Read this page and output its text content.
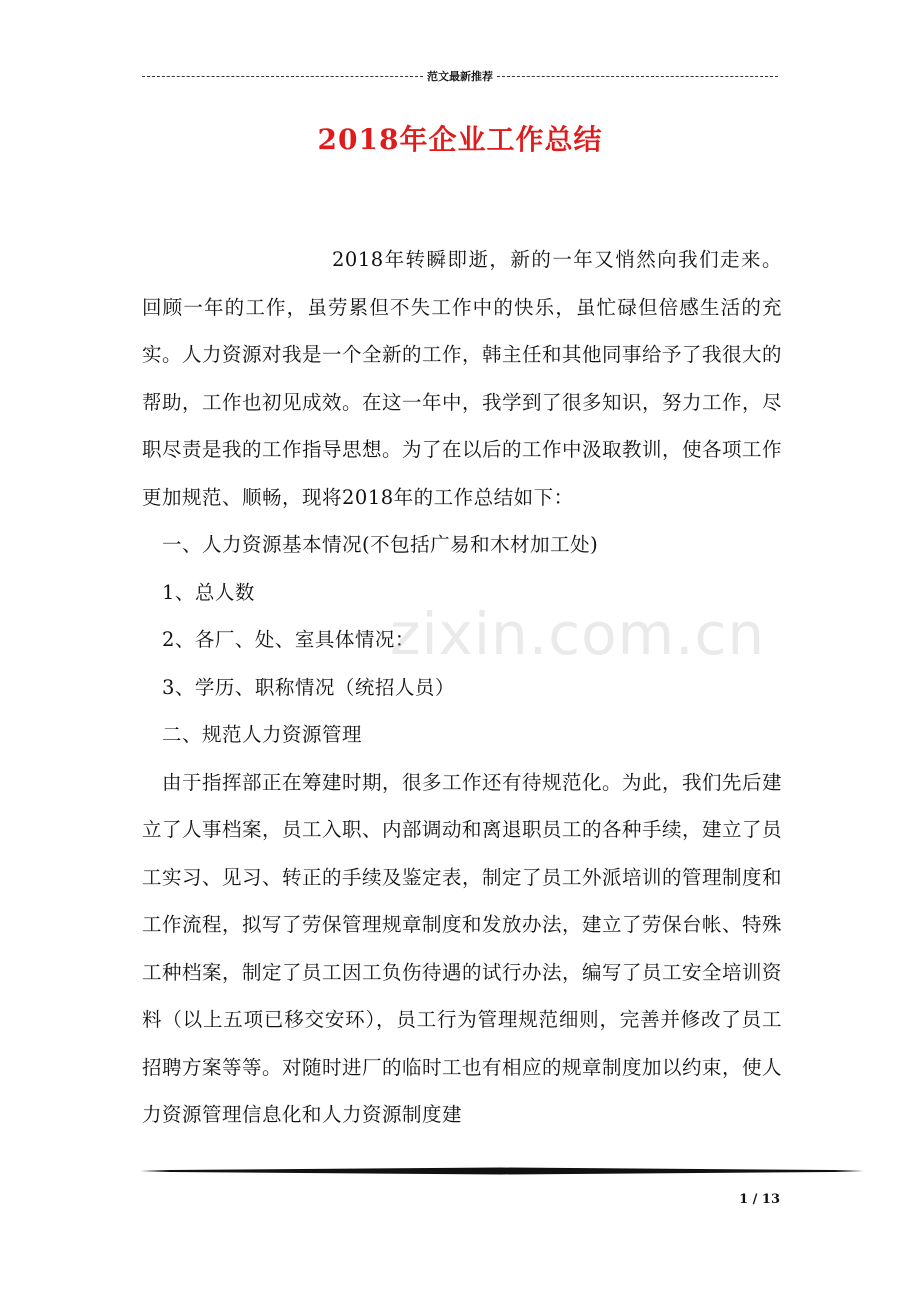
范文最新推荐
2018年企业工作总结

2018年转瞬即逝，新的一年又悄然向我们走来。回顾一年的工作，虽劳累但不失工作中的快乐，虽忙碌但倍感生活的充实。人力资源对我是一个全新的工作，韩主任和其他同事给予了我很大的帮助，工作也初见成效。在这一年中，我学到了很多知识，努力工作，尽职尽责是我的工作指导思想。为了在以后的工作中汲取教训，使各项工作更加规范、顺畅，现将2018年的工作总结如下：

一、人力资源基本情况(不包括广易和木材加工处)

1、总人数

2、各厂、处、室具体情况：

3、学历、职称情况（统招人员）

二、规范人力资源管理

由于指挥部正在筹建时期，很多工作还有待规范化。为此，我们先后建立了人事档案，员工入职、内部调动和离退职员工的各种手续，建立了员工实习、见习、转正的手续及鉴定表，制定了员工外派培训的管理制度和工作流程，拟写了劳保管理规章制度和发放办法，建立了劳保台帐、特殊工种档案，制定了员工因工负伤待遇的试行办法，编写了员工安全培训资料（以上五项已移交安环），员工行为管理规范细则，完善并修改了员工招聘方案等等。对随时进厂的临时工也有相应的规章制度加以约束，使人力资源管理信息化和人力资源制度建

zixin.com.cn
1 / 13
